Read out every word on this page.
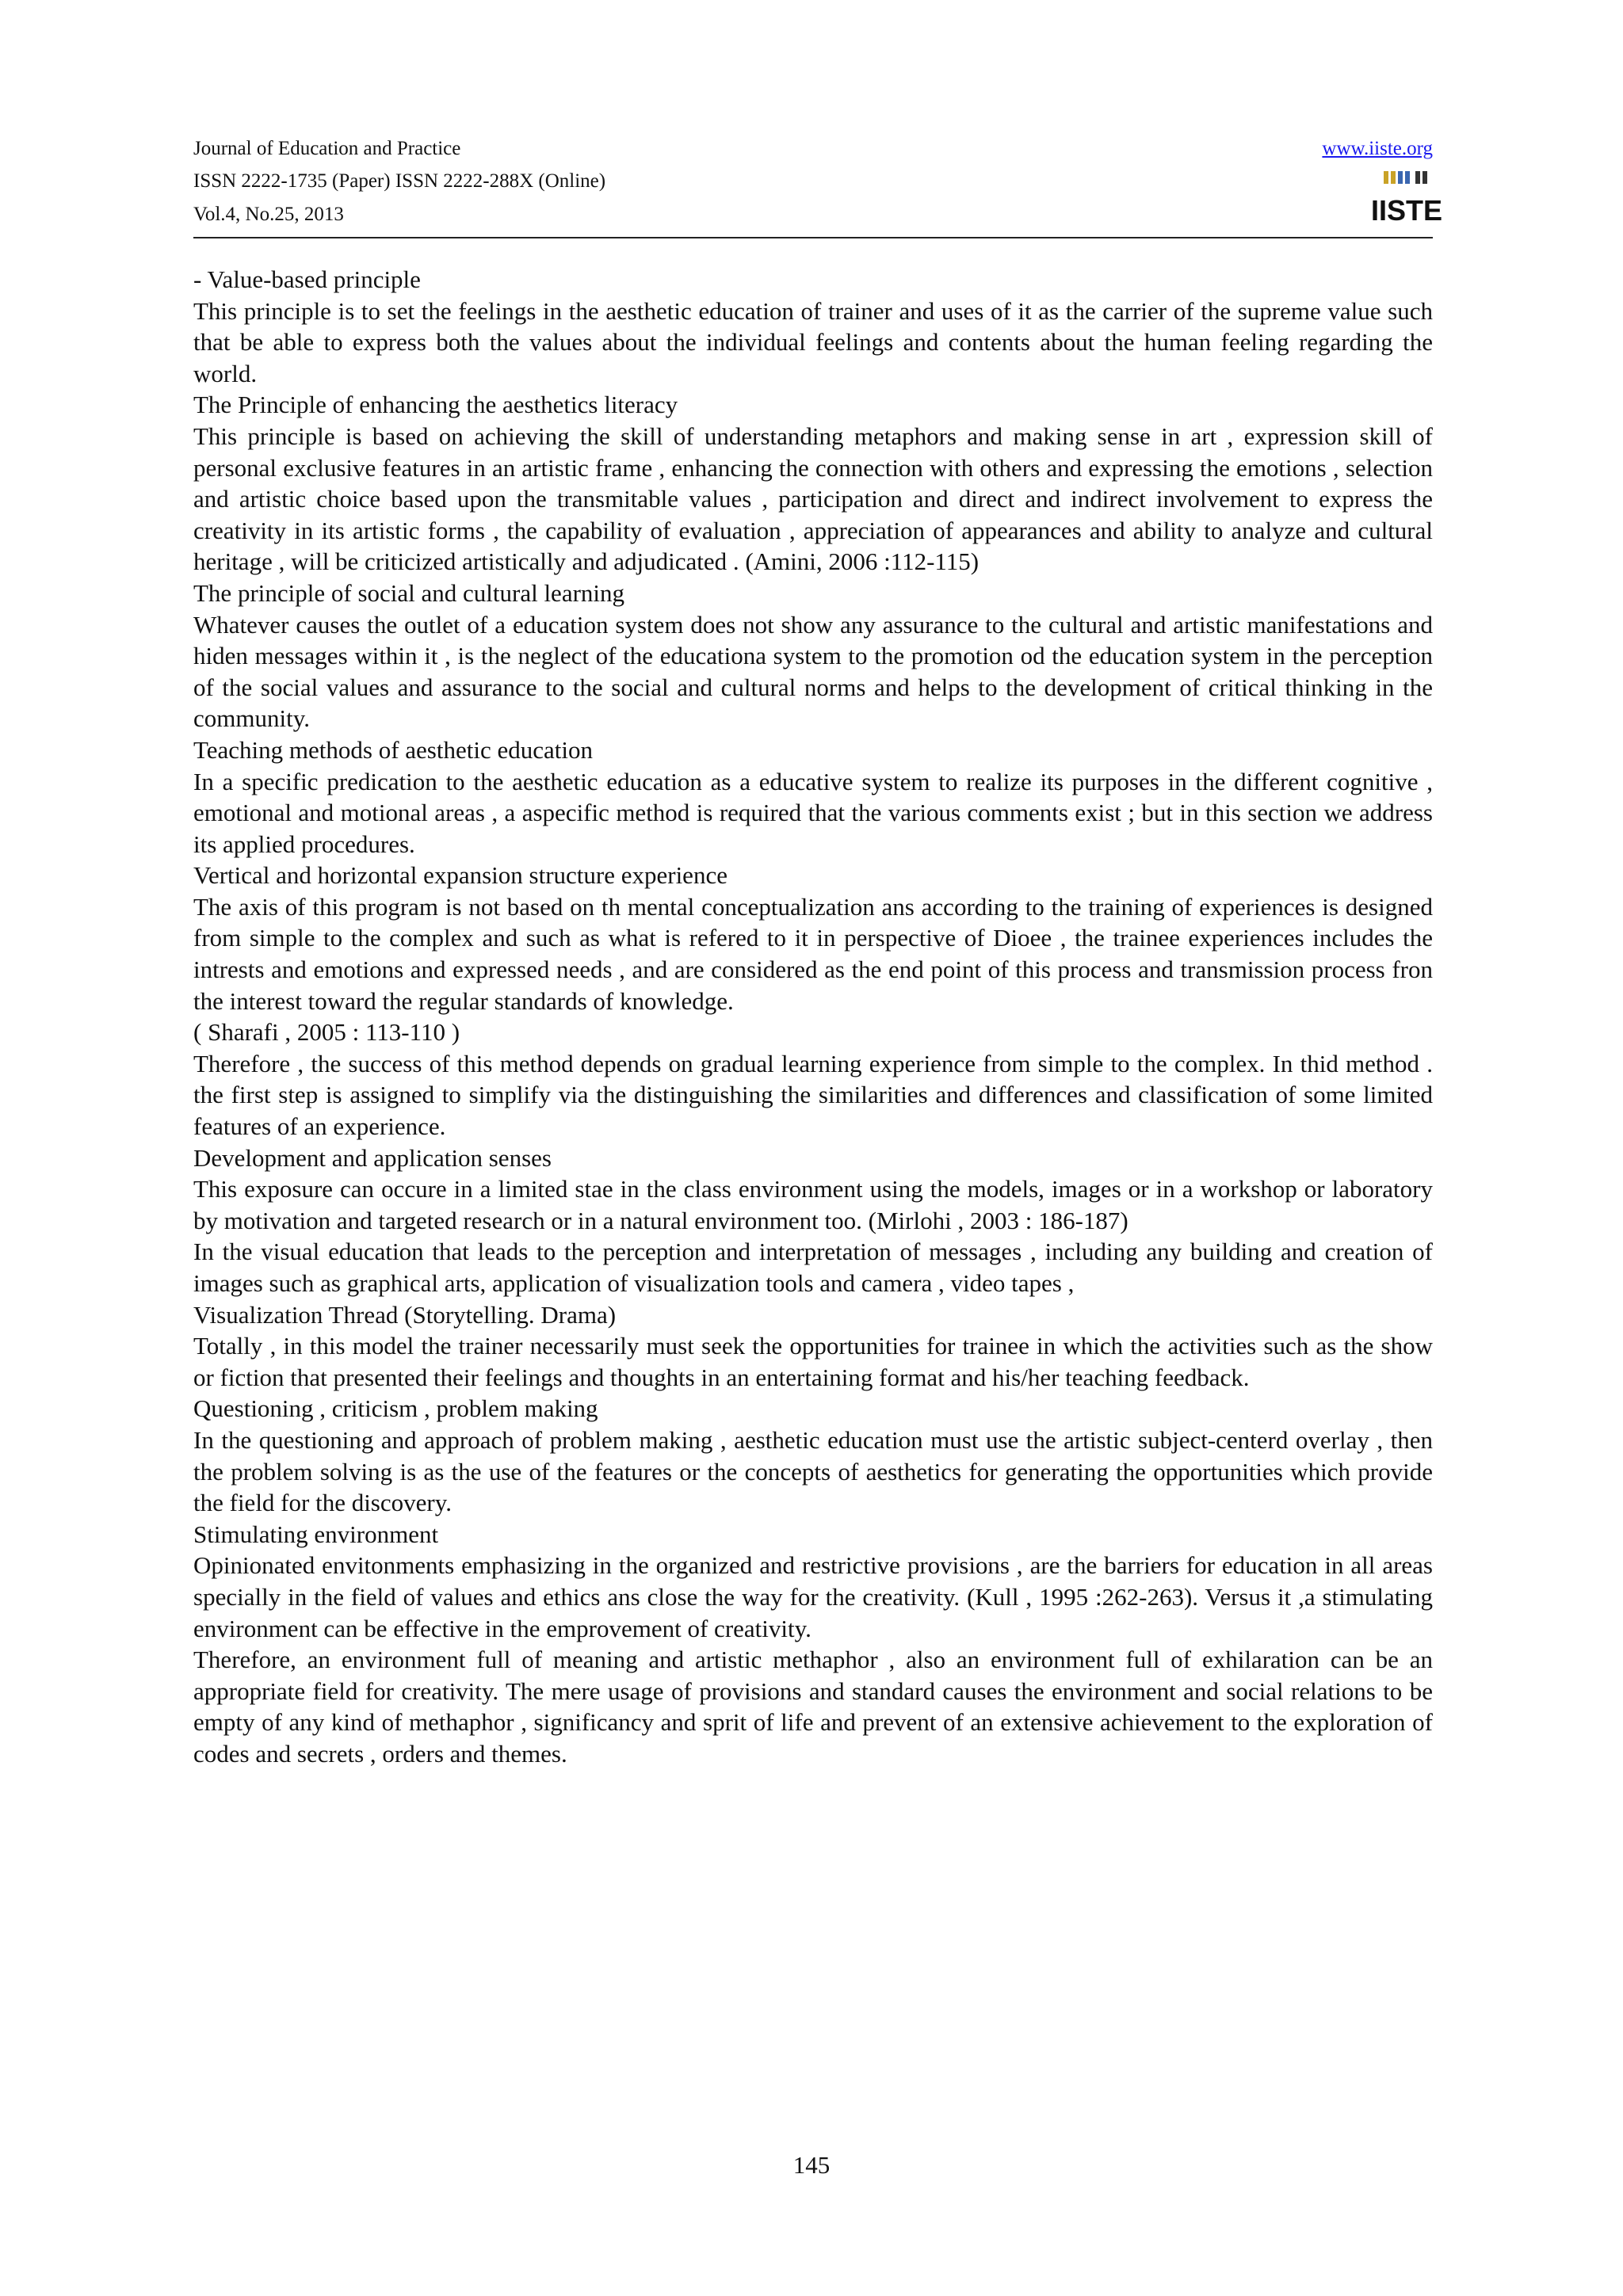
Journal of Education and Practice
ISSN 2222-1735 (Paper) ISSN 2222-288X (Online)
Vol.4, No.25, 2013
www.iiste.org
IISTE

- Value-based principle

This principle is to set the feelings in the aesthetic education of trainer and uses of it as the carrier of the supreme value such that be able to express both the values about the individual feelings and contents about the human feeling regarding the world.

The Principle of enhancing the aesthetics literacy

This principle is based on achieving the skill of understanding metaphors and making sense in art , expression skill of personal exclusive features in an artistic frame , enhancing the connection with others and expressing the emotions , selection and artistic choice based upon the transmitable values , participation and direct and indirect involvement to express the creativity in its artistic forms , the capability of evaluation , appreciation of appearances and ability to analyze and cultural heritage , will be criticized artistically and adjudicated . (Amini, 2006 :112-115)

The principle of social and cultural learning

Whatever causes the outlet of a education system does not show any assurance to the cultural and artistic manifestations and hiden messages within it , is the neglect of the educationa system to the promotion od the education system in the perception of the social values and assurance to the social and cultural norms and helps to the development of critical thinking in the community.

Teaching methods of aesthetic education

In a specific predication to the aesthetic education as a educative system to realize its purposes in the different cognitive , emotional and motional areas , a aspecific method is required that the various comments exist ; but in this section we address its applied procedures.

Vertical and horizontal expansion structure experience

The axis of this program is not based on th mental conceptualization ans according to the training of experiences is designed from simple to the complex and such as what is refered to it in perspective of Dioee , the trainee experiences includes the intrests and emotions and expressed needs , and are considered as the end point of this process and transmission process fron the interest toward the regular standards of knowledge.

( Sharafi , 2005 : 113-110 )

Therefore , the success of this method depends on gradual learning experience from simple to the complex. In thid method . the first step is assigned to simplify via the distinguishing the similarities and differences and classification of some limited features of an experience.

Development and application senses

This exposure can occure in a limited stae in the class environment using the models, images or in a workshop or laboratory by motivation and targeted research or in a natural environment too. (Mirlohi , 2003 : 186-187)

In the visual education that leads to the perception and interpretation of messages , including any building and creation of images such as graphical arts, application of visualization tools and camera , video tapes ,

Visualization Thread (Storytelling. Drama)

Totally , in this model the trainer necessarily must seek the opportunities for trainee in which the activities such as the show or fiction that presented their feelings and thoughts in an entertaining format and his/her teaching feedback.

Questioning , criticism , problem making

In the questioning and approach of problem making , aesthetic education must use the artistic subject-centerd overlay , then the problem solving is as the use of the features or the concepts of aesthetics for generating the opportunities which provide the field for the discovery.

Stimulating environment

Opinionated envitonments emphasizing in the organized and restrictive provisions , are the barriers for education in all areas specially in the field of values and ethics ans close the way for the creativity. (Kull , 1995 :262-263). Versus it ,a stimulating environment can be effective in the emprovement of creativity.

Therefore, an environment full of meaning and artistic methaphor , also an environment full of exhilaration can be an appropriate field for creativity. The mere usage of provisions and standard causes the environment and social relations to be empty of any kind of methaphor , significancy and sprit of life and prevent of an extensive achievement to the exploration of codes and secrets , orders and themes.

145
